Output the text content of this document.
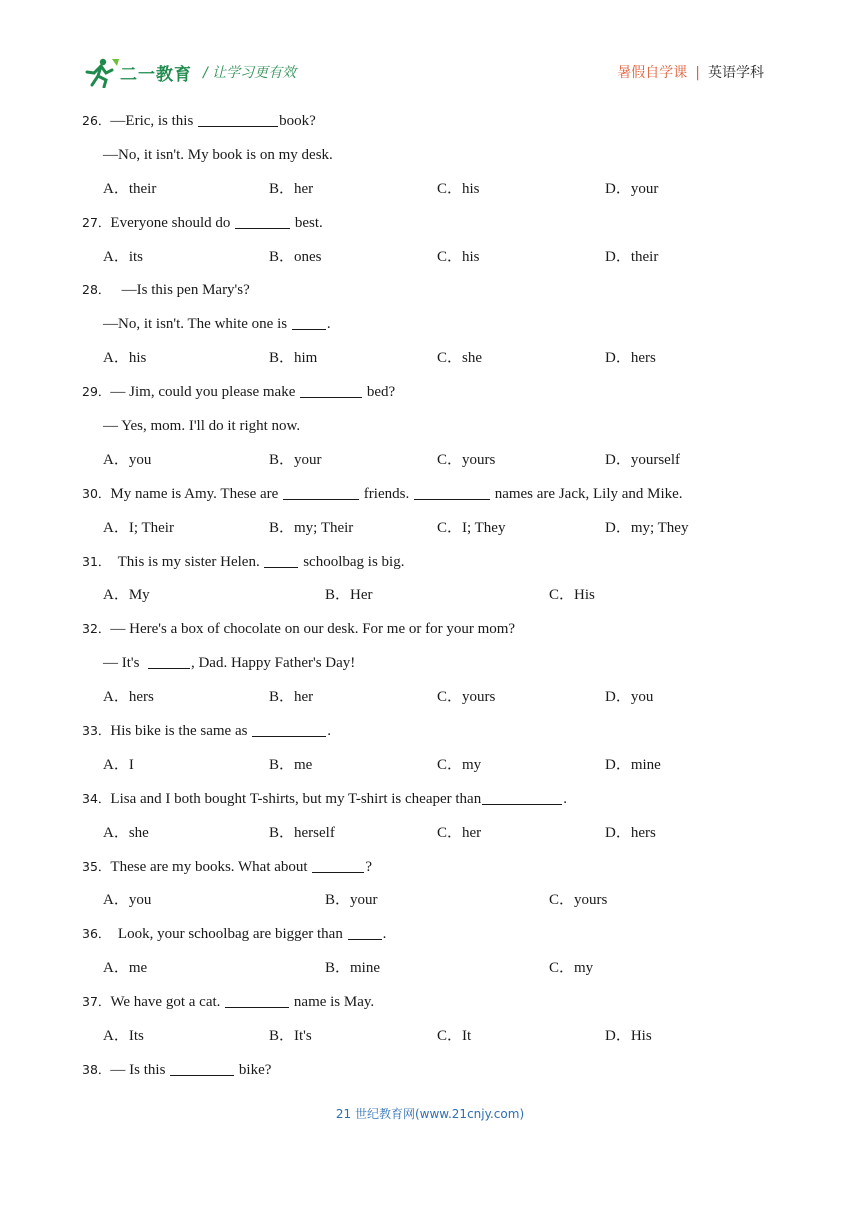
二一教育 / 让学习更有效	暑假自学课 | 英语学科
26．—Eric, is this	book?
—No, it isn't. My book is on my desk.
A．their	B．her	C．his	D．your
27．Everyone should do	best.
A．its	B．ones	C．his	D．their
28．   —Is this pen Mary's?
—No, it isn't. The white one is .
A．his	B．him	C．she	D．hers
29．— Jim, could you please make	bed?
— Yes, mom. I'll do it right now.
A．you	B．your	C．yours	D．yourself
30．My name is Amy. These are	friends.	names are Jack, Lily and Mike.
A．I; Their	B．my; Their	C．I; They	D．my; They
31．  This is my sister Helen.  schoolbag is big.
A．My	B．Her	C．His
32．— Here's a box of chocolate on our desk. For me or for your mom?
— It's	, Dad. Happy Father's Day!
A．hers	B．her	C．yours	D．you
33．His bike is the same as	.
A．I	B．me	C．my	D．mine
34．Lisa and I both bought T-shirts, but my T-shirt is cheaper than	.
A．she	B．herself	C．her	D．hers
35．These are my books. What about	?
A．you	B．your	C．yours
36．  Look, your schoolbag are bigger than .
A．me	B．mine	C．my
37．We have got a cat.	name is May.
A．Its	B．It's	C．It	D．His
38．— Is this	bike?
21 世纪教育网(www.21cnjy.com)
